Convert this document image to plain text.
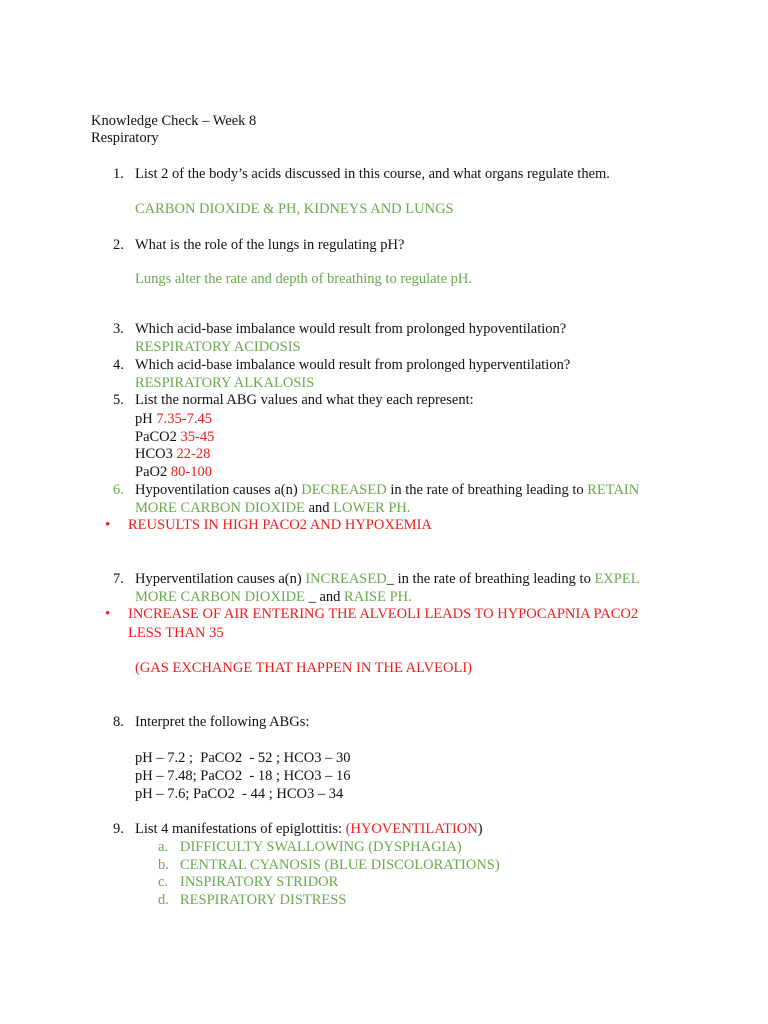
Knowledge Check – Week 8
Respiratory
1. List 2 of the body’s acids discussed in this course, and what organs regulate them.
CARBON DIOXIDE & PH, KIDNEYS AND LUNGS
2. What is the role of the lungs in regulating pH?
Lungs alter the rate and depth of breathing to regulate pH.
3. Which acid-base imbalance would result from prolonged hypoventilation?
RESPIRATORY ACIDOSIS
4. Which acid-base imbalance would result from prolonged hyperventilation?
RESPIRATORY ALKALOSIS
5. List the normal ABG values and what they each represent:
pH 7.35-7.45
PaCO2 35-45
HCO3 22-28
PaO2 80-100
6. Hypoventilation causes a(n) DECREASED in the rate of breathing leading to RETAIN
MORE CARBON DIOXIDE and LOWER PH.
• REUSULTS IN HIGH PACO2 AND HYPOXEMIA
7. Hyperventilation causes a(n) INCREASED_ in the rate of breathing leading to EXPEL
MORE CARBON DIOXIDE _ and RAISE PH.
• INCREASE OF AIR ENTERING THE ALVEOLI LEADS TO HYPOCAPNIA PACO2
LESS THAN 35
(GAS EXCHANGE THAT HAPPEN IN THE ALVEOLI)
8. Interpret the following ABGs:
pH – 7.2 ;  PaCO2  - 52 ; HCO3 – 30
pH – 7.48; PaCO2  - 18 ; HCO3 – 16
pH – 7.6; PaCO2  - 44 ; HCO3 – 34
9. List 4 manifestations of epiglottitis: (HYOVENTILATION)
a. DIFFICULTY SWALLOWING (DYSPHAGIA)
b. CENTRAL CYANOSIS (BLUE DISCOLORATIONS)
c. INSPIRATORY STRIDOR
d. RESPIRATORY DISTRESS
